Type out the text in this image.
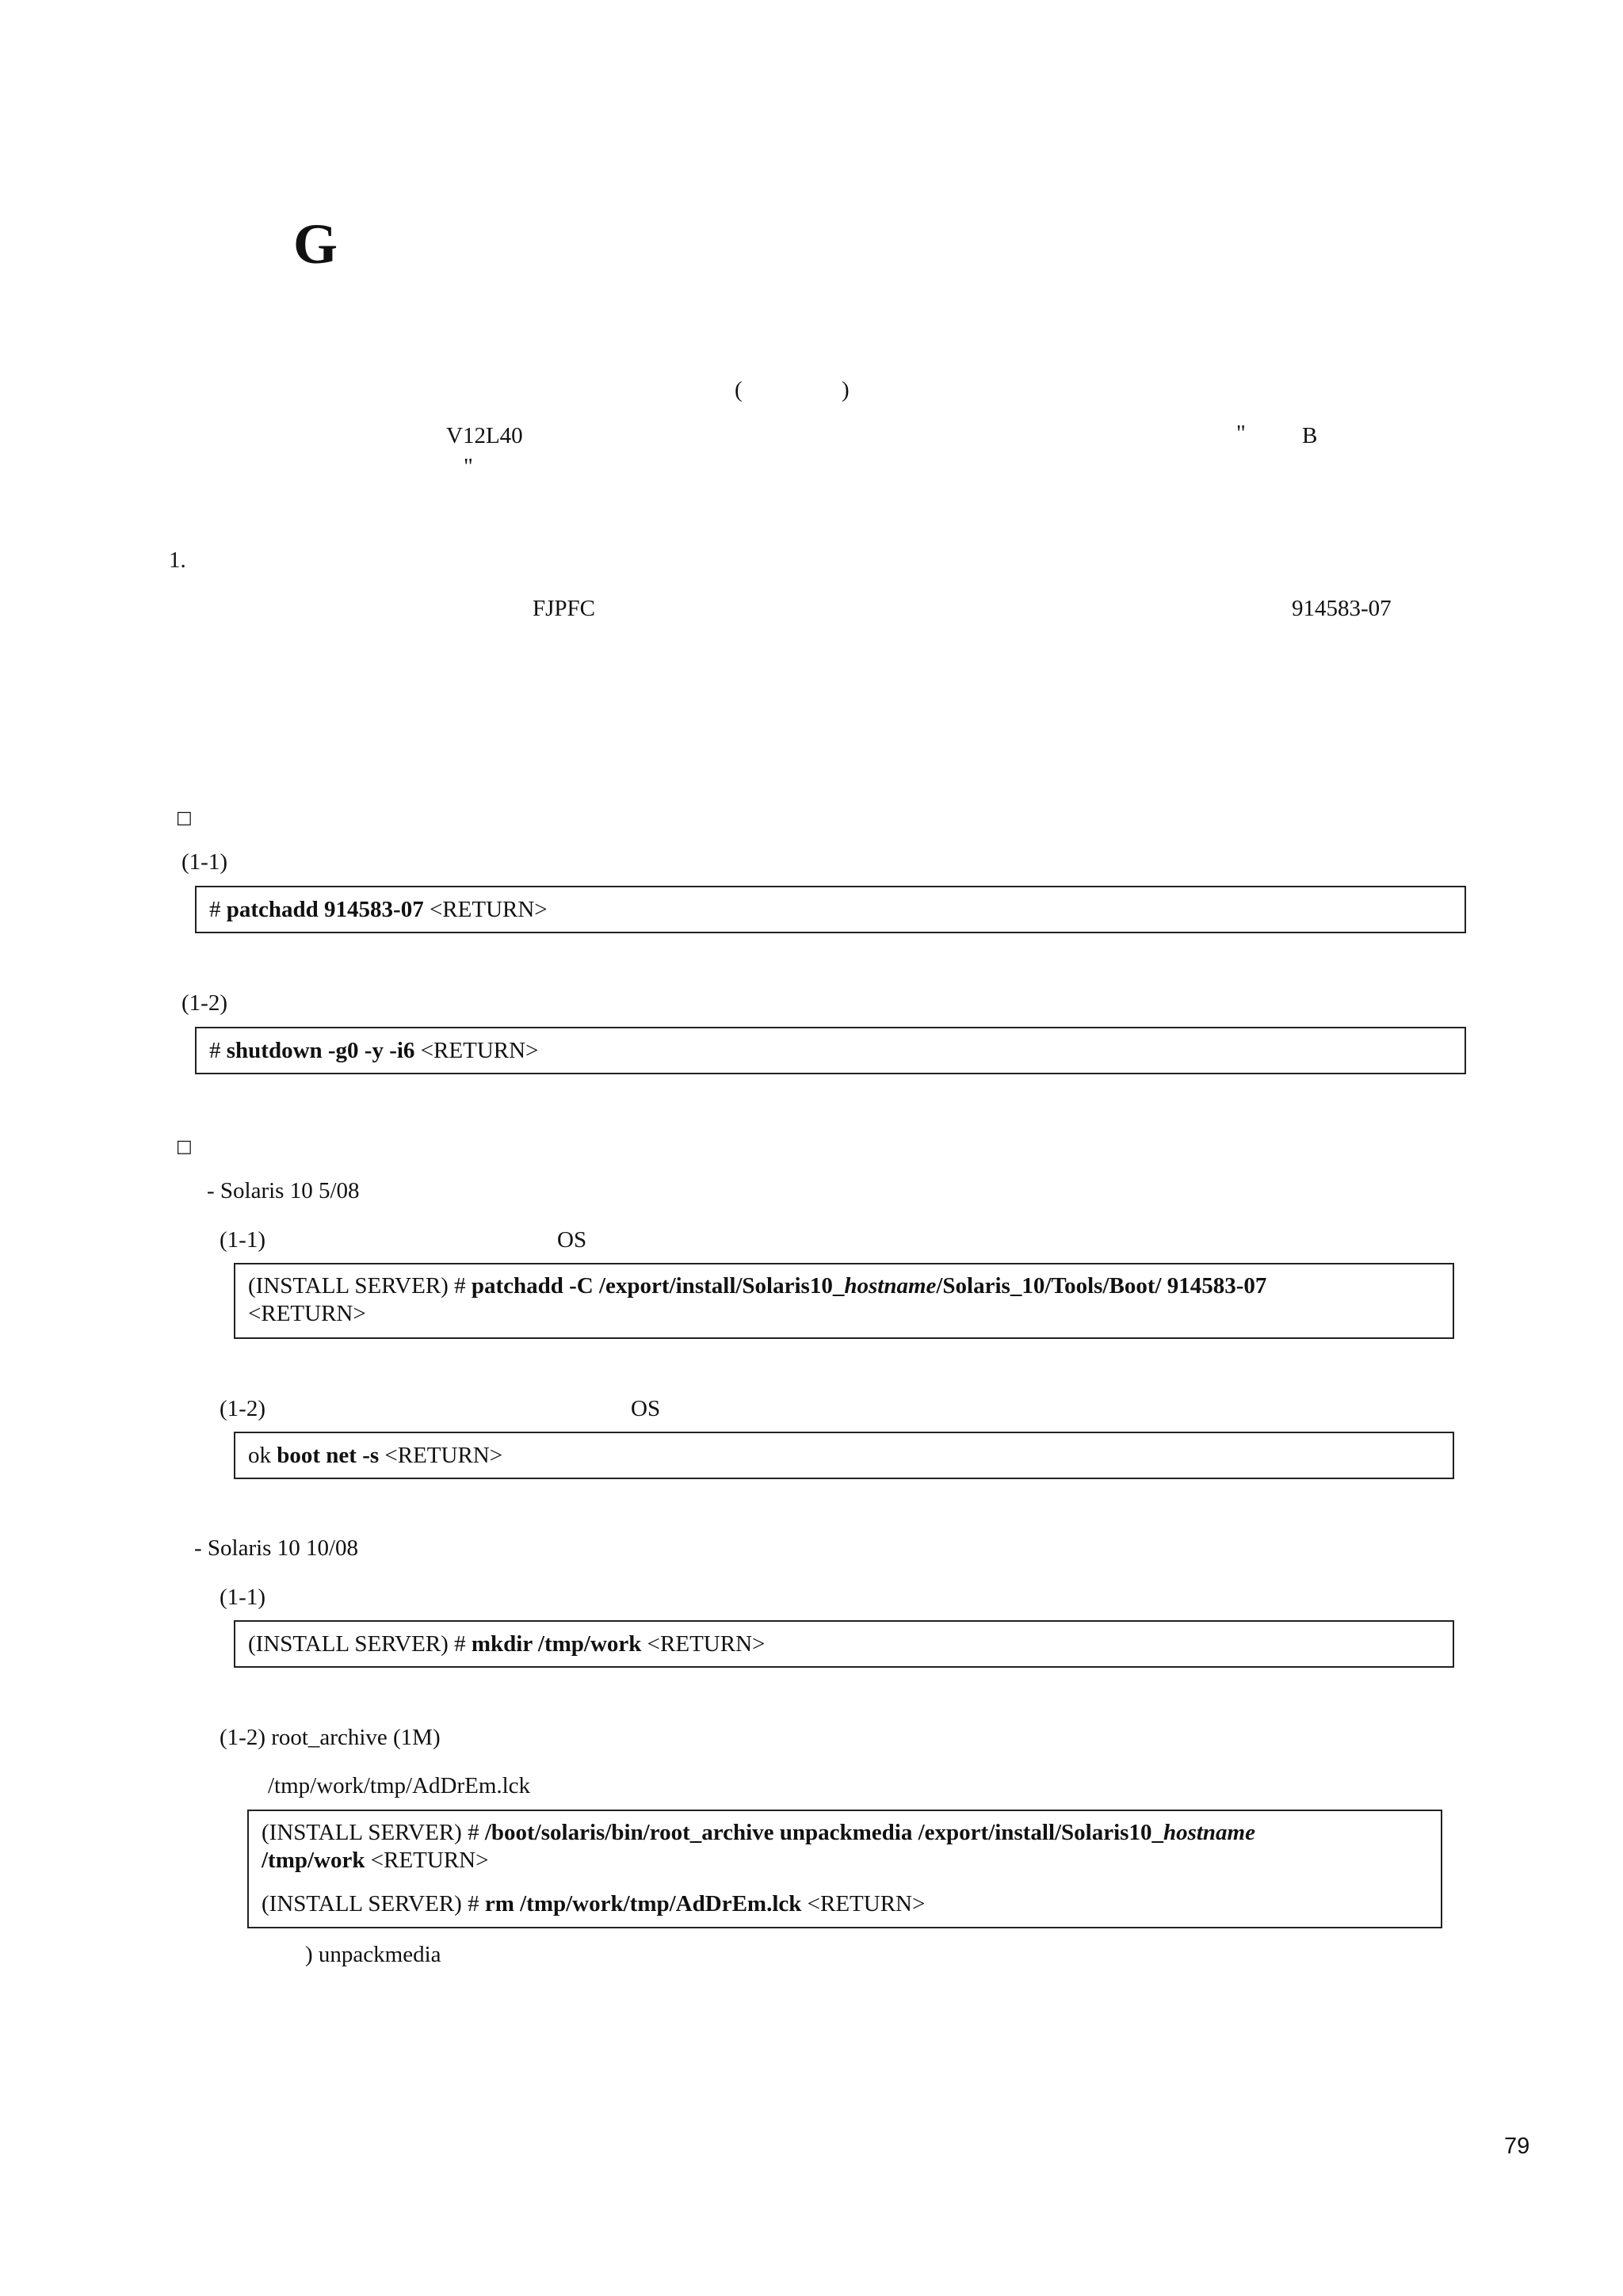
G
(	)
V12L40	" B
"
1.
FJPFC	914583-07
□
(1-1)
# patchadd 914583-07 <RETURN>
(1-2)
# shutdown -g0 -y -i6 <RETURN>
□
- Solaris 10 5/08
(1-1)	OS
(INSTALL SERVER) # patchadd -C /export/install/Solaris10_hostname/Solaris_10/Tools/Boot/ 914583-07
<RETURN>
(1-2)	OS
ok boot net -s <RETURN>
- Solaris 10 10/08
(1-1)
(INSTALL SERVER) # mkdir /tmp/work <RETURN>
(1-2) root_archive (1M)
/tmp/work/tmp/AdDrEm.lck
(INSTALL SERVER) # /boot/solaris/bin/root_archive unpackmedia /export/install/Solaris10_hostname
/tmp/work <RETURN>
(INSTALL SERVER) # rm /tmp/work/tmp/AdDrEm.lck <RETURN>
) unpackmedia
79
